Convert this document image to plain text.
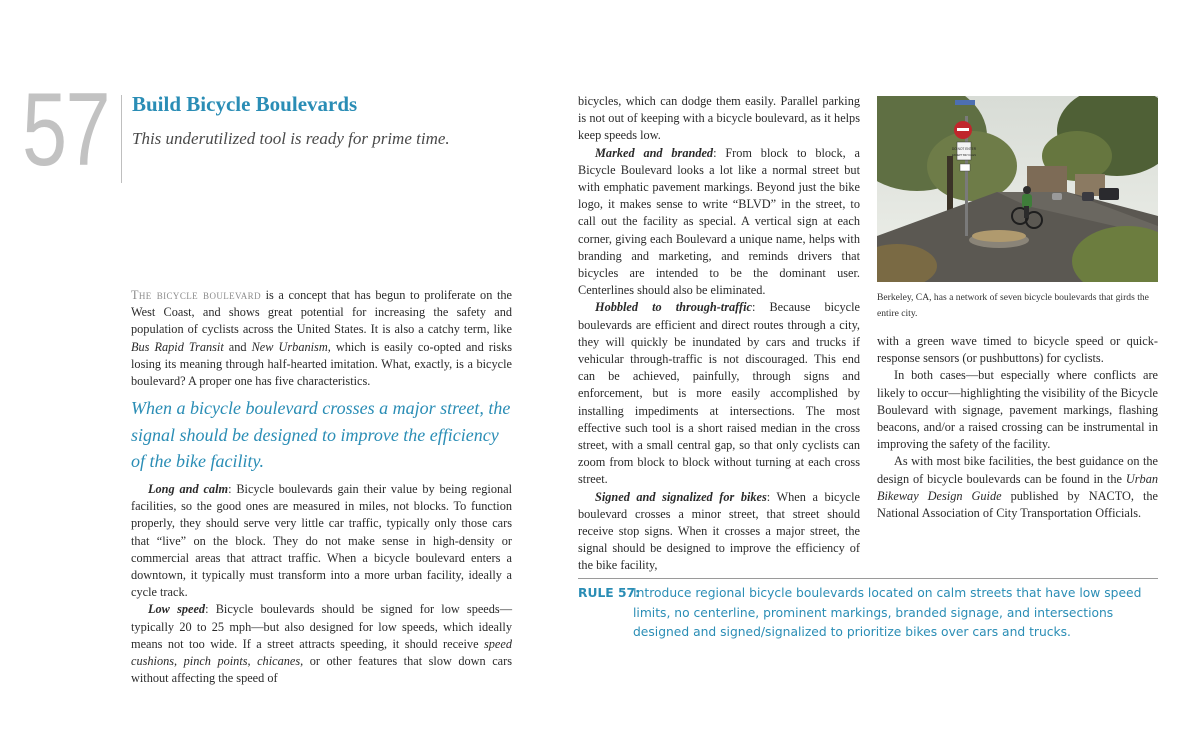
57 Build Bicycle Boulevards
This underutilized tool is ready for prime time.

The bicycle boulevard is a concept that has begun to proliferate on the West Coast, and shows great potential for increasing the safety and population of cyclists across the United States. It is also a catchy term, like Bus Rapid Transit and New Urbanism, which is easily co-opted and risks losing its meaning through half-hearted imitation. What, exactly, is a bicycle boulevard? A proper one has five characteristics.

When a bicycle boulevard crosses a major street, the signal should be designed to improve the efficiency of the bike facility.

Long and calm: Bicycle boulevards gain their value by being regional facilities, so the good ones are measured in miles, not blocks. To function properly, they should serve very little car traffic, typically only those cars that “live” on the block. They do not make sense in high-density or commercial areas that attract traffic. When a bicycle boulevard enters a downtown, it typically must transform into a more urban facility, ideally a cycle track.

Low speed: Bicycle boulevards should be signed for low speeds—typically 20 to 25 mph—but also designed for low speeds, which ideally means not too wide. If a street attracts speeding, it should receive speed cushions, pinch points, chicanes, or other features that slow down cars without affecting the speed of

bicycles, which can dodge them easily. Parallel parking is not out of keeping with a bicycle boulevard, as it helps keep speeds low.

Marked and branded: From block to block, a Bicycle Boulevard looks a lot like a normal street but with emphatic pavement markings. Beyond just the bike logo, it makes sense to write “BLVD” in the street, to call out the facility as special. A vertical sign at each corner, giving each Boulevard a unique name, helps with branding and marketing, and reminds drivers that bicycles are intended to be the dominant user. Centerlines should also be eliminated.

Hobbled to through-traffic: Because bicycle boulevards are efficient and direct routes through a city, they will quickly be inundated by cars and trucks if vehicular through-traffic is not discouraged. This end can be achieved, painfully, through signs and enforcement, but is more easily accomplished by installing impediments at intersections. The most effective such tool is a short raised median in the cross street, with a small central gap, so that only cyclists can zoom from block to block without turning at each cross street.

Signed and signalized for bikes: When a bicycle boulevard crosses a minor street, that street should receive stop signs. When it crosses a major street, the signal should be designed to improve the efficiency of the bike facility,

DO NOT ENTER
EXCEPT BICYCLES
Berkeley, CA, has a network of seven bicycle boulevards that girds the entire city.

with a green wave timed to bicycle speed or quick-response sensors (or pushbuttons) for cyclists.

In both cases—but especially where conflicts are likely to occur—highlighting the visibility of the Bicycle Boulevard with signage, pavement markings, flashing beacons, and/or a raised crossing can be instrumental in improving the safety of the facility.

As with most bike facilities, the best guidance on the design of bicycle boulevards can be found in the Urban Bikeway Design Guide published by NACTO, the National Association of City Transportation Officials.

RULE 57:
Introduce regional bicycle boulevards located on calm streets that have low speed limits, no centerline, prominent markings, branded signage, and intersections designed and signed/signalized to prioritize bikes over cars and trucks.
